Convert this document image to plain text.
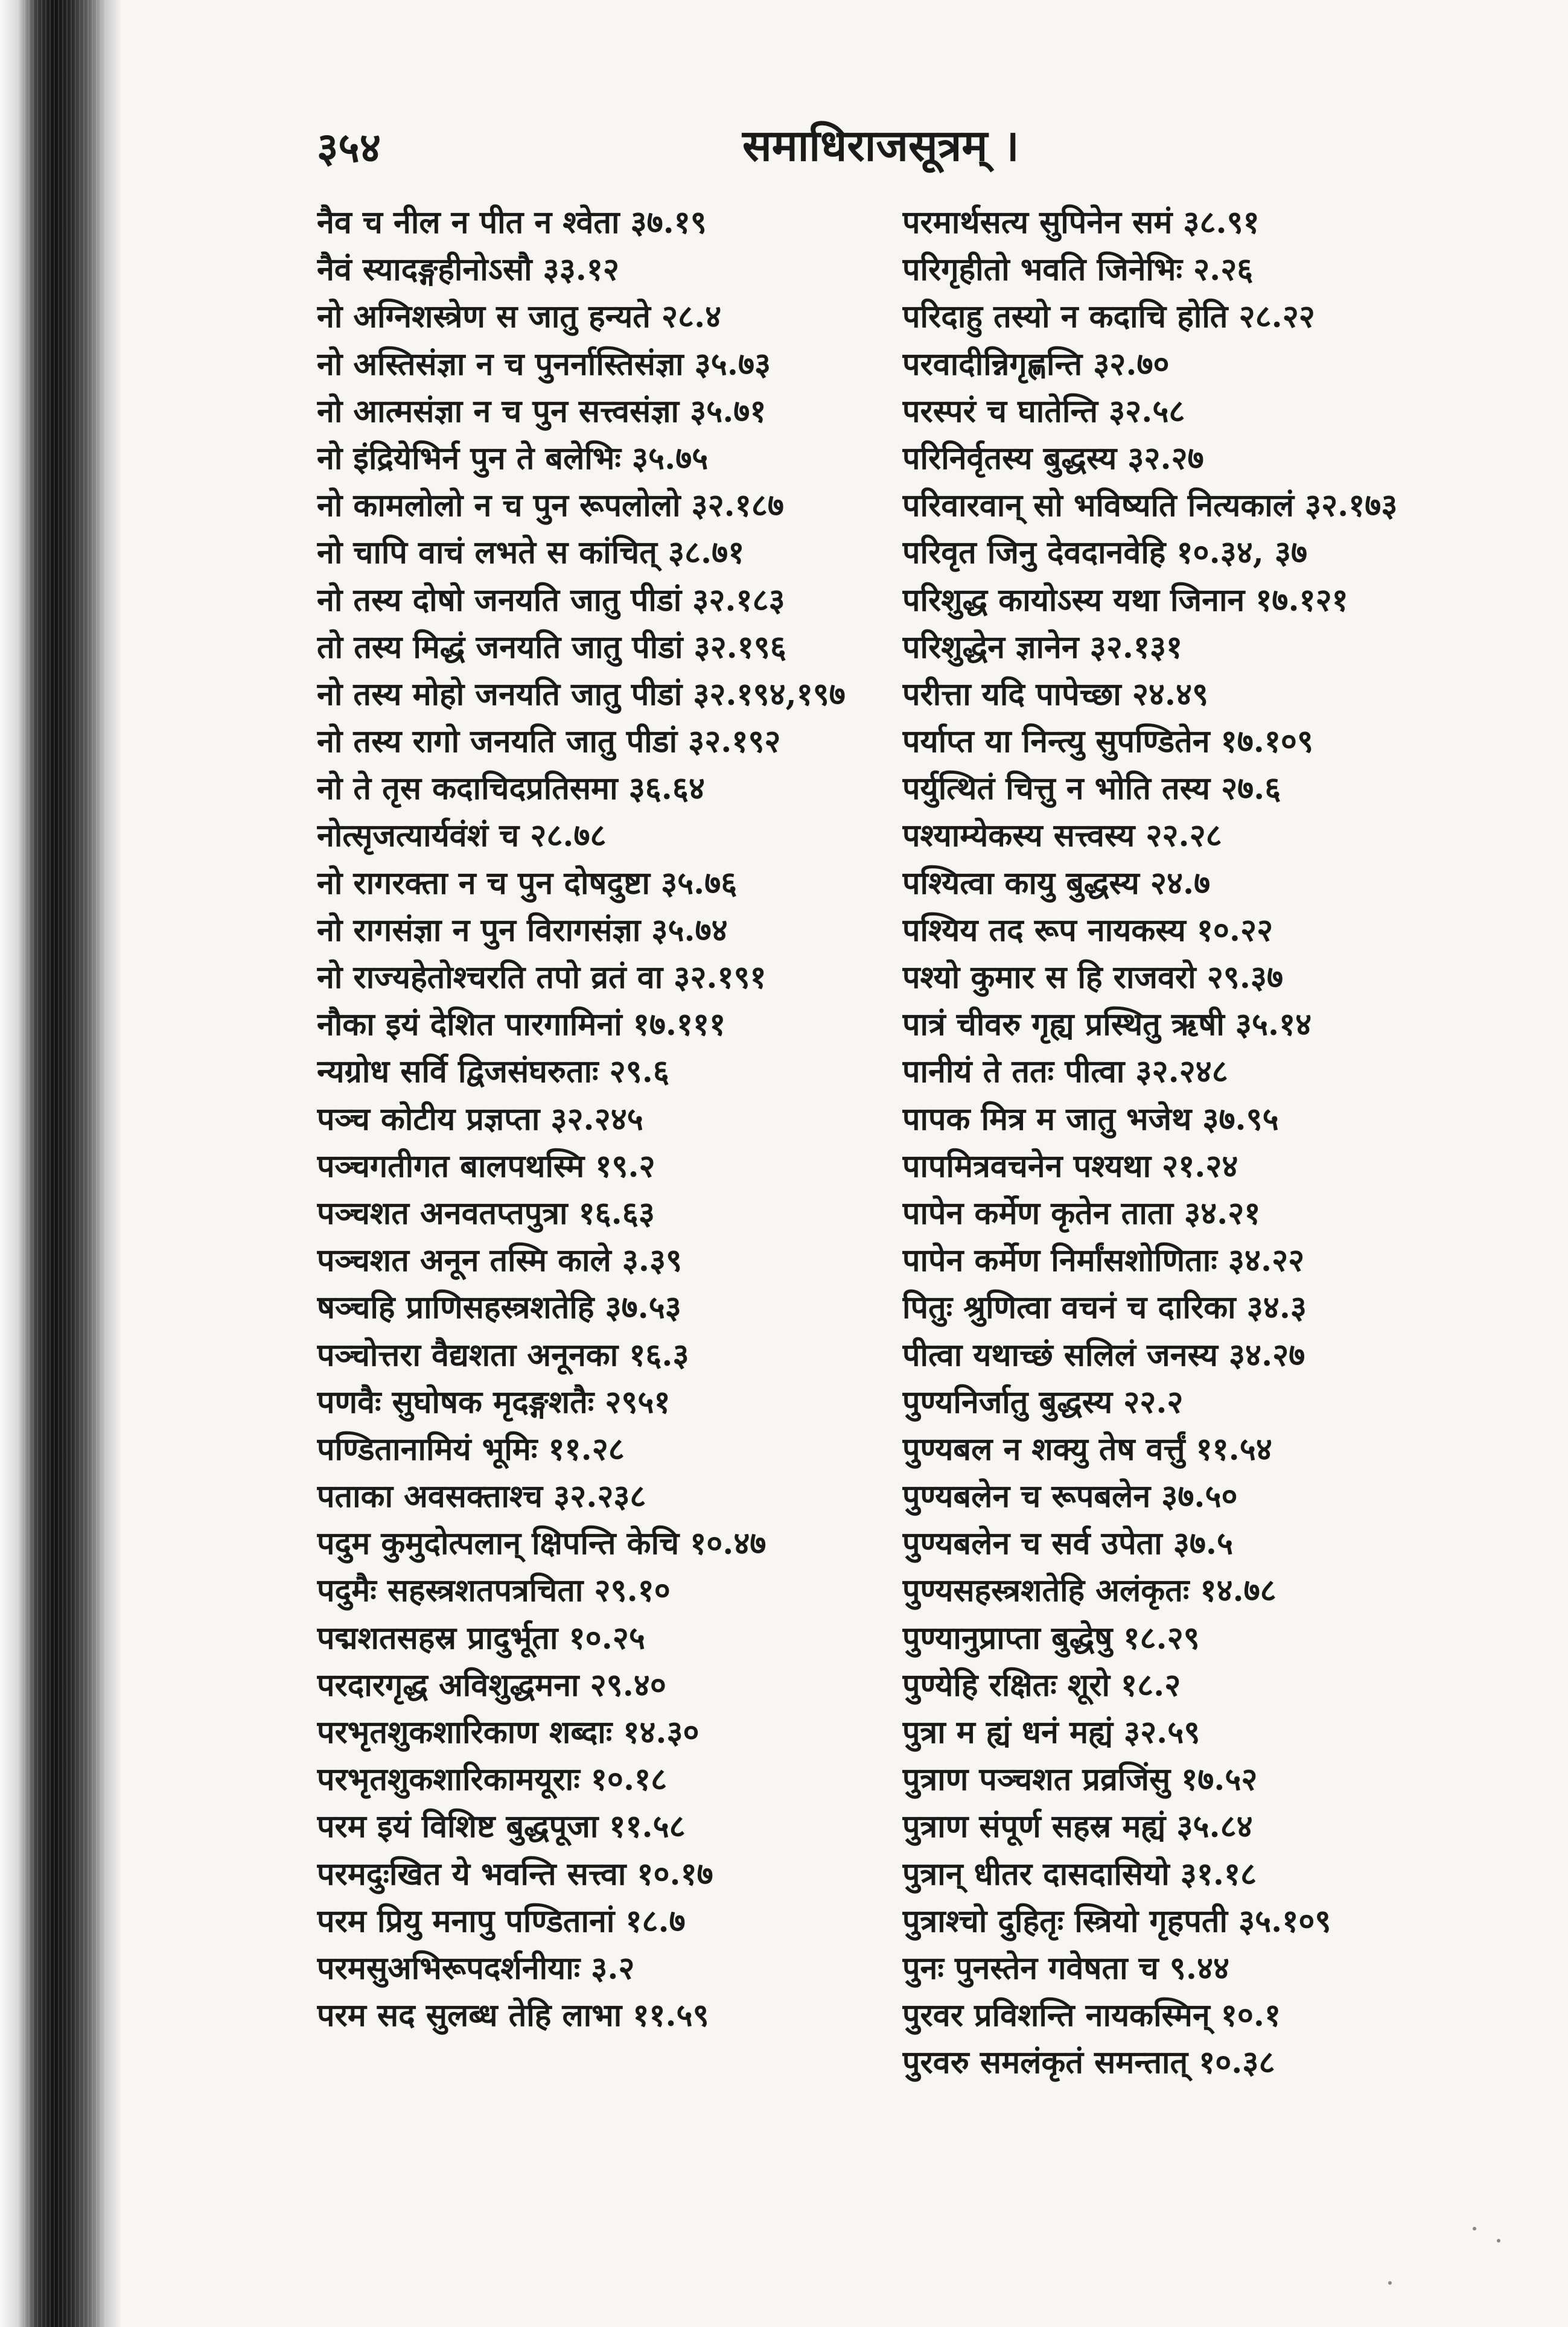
३५४	समाधिराजसूत्रम् ।
नैव च नील न पीत न श्वेता ३७.१९
नैवं स्यादङ्गहीनोऽसौ ३३.१२
नो अग्निशस्त्रेण स जातु हन्यते २८.४
नो अस्तिसंज्ञा न च पुनर्नास्तिसंज्ञा ३५.७३
नो आत्मसंज्ञा न च पुन सत्त्वसंज्ञा ३५.७१
नो इंद्रियेभिर्न पुन ते बलेभिः ३५.७५
नो कामलोलो न च पुन रूपलोलो ३२.१८७
नो चापि वाचं लभते स कांचित् ३८.७१
नो तस्य दोषो जनयति जातु पीडां ३२.१८३
तो तस्य मिद्धं जनयति जातु पीडां ३२.१९६
नो तस्य मोहो जनयति जातु पीडां ३२.१९४,१९७
नो तस्य रागो जनयति जातु पीडां ३२.१९२
नो ते तृस कदाचिदप्रतिसमा ३६.६४
नोत्सृजत्यार्यवंशं च २८.७८
नो रागरक्ता न च पुन दोषदुष्टा ३५.७६
नो रागसंज्ञा न पुन विरागसंज्ञा ३५.७४
नो राज्यहेतोश्चरति तपो व्रतं वा ३२.१९१
नौका इयं देशित पारगामिनां १७.१११
न्यग्रोध सर्वि द्विजसंघरुताः २९.६
पञ्च कोटीय प्रज्ञप्ता ३२.२४५
पञ्चगतीगत बालपथस्मि १९.२
पञ्चशत अनवतप्तपुत्रा १६.६३
पञ्चशत अनून तस्मि काले ३.३९
षञ्चहि प्राणिसहस्त्रशतेहि ३७.५३
पञ्चोत्तरा वैद्यशता अनूनका १६.३
पणवैः सुघोषक मृदङ्गशतैः २९५१
पण्डितानामियं भूमिः ११.२८
पताका अवसक्ताश्च ३२.२३८
पदुम कुमुदोत्पलान् क्षिपन्ति केचि १०.४७
पदुमैः सहस्त्रशतपत्रचिता २९.१०
पद्मशतसहस्र प्रादुर्भूता १०.२५
परदारगृद्ध अविशुद्धमना २९.४०
परभृतशुकशारिकाण शब्दाः १४.३०
परभृतशुकशारिकामयूराः १०.१८
परम इयं विशिष्ट बुद्धपूजा ११.५८
परमदुःखित ये भवन्ति सत्त्वा १०.१७
परम प्रियु मनापु पण्डितानां १८.७
परमसुअभिरूपदर्शनीयाः ३.२
परम सद सुलब्ध तेहि लाभा ११.५९
परमार्थसत्य सुपिनेन समं ३८.९१
परिगृहीतो भवति जिनेभिः २.२६
परिदाहु तस्यो न कदाचि होति २८.२२
परवादीन्निगृह्णन्ति ३२.७०
परस्परं च घातेन्ति ३२.५८
परिनिर्वृतस्य बुद्धस्य ३२.२७
परिवारवान् सो भविष्यति नित्यकालं ३२.१७३
परिवृत जिनु देवदानवेहि १०.३४, ३७
परिशुद्ध कायोऽस्य यथा जिनान १७.१२१
परिशुद्धेन ज्ञानेन ३२.१३१
परीत्ता यदि पापेच्छा २४.४९
पर्याप्त या निन्त्यु सुपण्डितेन १७.१०९
पर्युत्थितं चित्तु न भोति तस्य २७.६
पश्याम्येकस्य सत्त्वस्य २२.२८
पश्यित्वा कायु बुद्धस्य २४.७
पश्यिय तद रूप नायकस्य १०.२२
पश्यो कुमार स हि राजवरो २९.३७
पात्रं चीवरु गृह्य प्रस्थितु ऋषी ३५.१४
पानीयं ते ततः पीत्वा ३२.२४८
पापक मित्र म जातु भजेथ ३७.९५
पापमित्रवचनेन पश्यथा २१.२४
पापेन कर्मेण कृतेन ताता ३४.२१
पापेन कर्मेण निर्मांसशोणिताः ३४.२२
पितुः श्रुणित्वा वचनं च दारिका ३४.३
पीत्वा यथाच्छं सलिलं जनस्य ३४.२७
पुण्यनिर्जातु बुद्धस्य २२.२
पुण्यबल न शक्यु तेष वर्त्तुं ११.५४
पुण्यबलेन च रूपबलेन ३७.५०
पुण्यबलेन च सर्व उपेता ३७.५
पुण्यसहस्त्रशतेहि अलंकृतः १४.७८
पुण्यानुप्राप्ता बुद्धेषु १८.२९
पुण्येहि रक्षितः शूरो १८.२
पुत्रा म ह्यं धनं मह्यं ३२.५९
पुत्राण पञ्चशत प्रव्रजिंसु १७.५२
पुत्राण संपूर्ण सहस्र मह्यं ३५.८४
पुत्रान् धीतर दासदासियो ३१.१८
पुत्राश्चो दुहितृः स्त्रियो गृहपती ३५.१०९
पुनः पुनस्तेन गवेषता च ९.४४
पुरवर प्रविशन्ति नायकस्मिन् १०.१
पुरवरु समलंकृतं समन्तात् १०.३८
